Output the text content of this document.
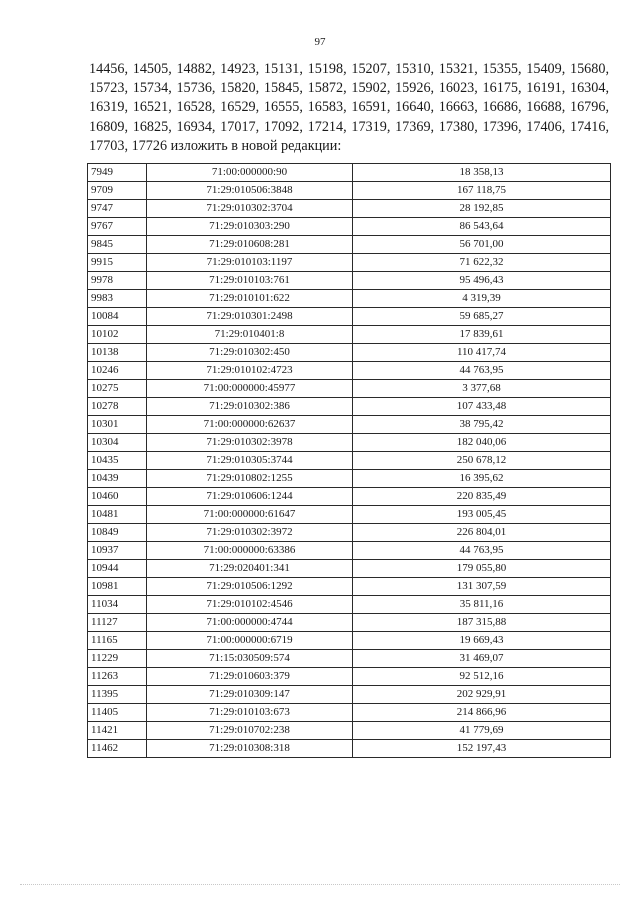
97

14456, 14505, 14882, 14923, 15131, 15198, 15207, 15310, 15321, 15355, 15409, 15680, 15723, 15734, 15736, 15820, 15845, 15872, 15902, 15926, 16023, 16175, 16191, 16304, 16319, 16521, 16528, 16529, 16555, 16583, 16591, 16640, 16663, 16686, 16688, 16796, 16809, 16825, 16934, 17017, 17092, 17214, 17319, 17369, 17380, 17396, 17406, 17416, 17703, 17726 изложить в новой редакции:

7949	71:00:000000:90	18 358,13
9709	71:29:010506:3848	167 118,75
9747	71:29:010302:3704	28 192,85
9767	71:29:010303:290	86 543,64
9845	71:29:010608:281	56 701,00
9915	71:29:010103:1197	71 622,32
9978	71:29:010103:761	95 496,43
9983	71:29:010101:622	4 319,39
10084	71:29:010301:2498	59 685,27
10102	71:29:010401:8	17 839,61
10138	71:29:010302:450	110 417,74
10246	71:29:010102:4723	44 763,95
10275	71:00:000000:45977	3 377,68
10278	71:29:010302:386	107 433,48
10301	71:00:000000:62637	38 795,42
10304	71:29:010302:3978	182 040,06
10435	71:29:010305:3744	250 678,12
10439	71:29:010802:1255	16 395,62
10460	71:29:010606:1244	220 835,49
10481	71:00:000000:61647	193 005,45
10849	71:29:010302:3972	226 804,01
10937	71:00:000000:63386	44 763,95
10944	71:29:020401:341	179 055,80
10981	71:29:010506:1292	131 307,59
11034	71:29:010102:4546	35 811,16
11127	71:00:000000:4744	187 315,88
11165	71:00:000000:6719	19 669,43
11229	71:15:030509:574	31 469,07
11263	71:29:010603:379	92 512,16
11395	71:29:010309:147	202 929,91
11405	71:29:010103:673	214 866,96
11421	71:29:010702:238	41 779,69
11462	71:29:010308:318	152 197,43
